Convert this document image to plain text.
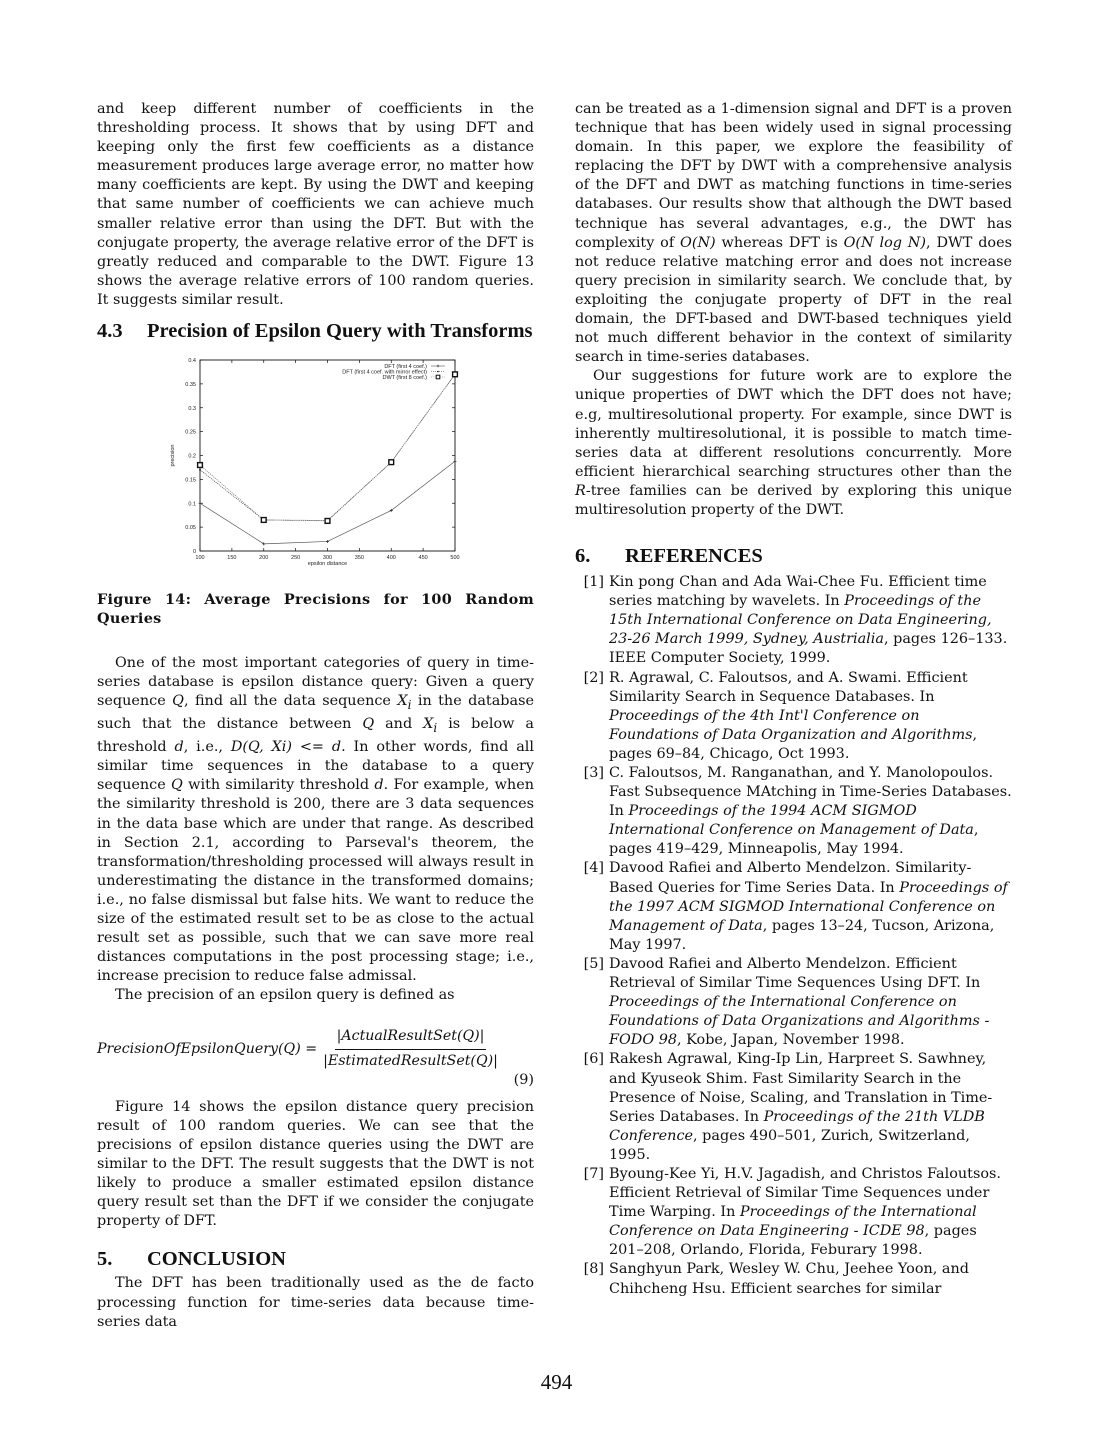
and keep different number of coefficients in the thresholding process. It shows that by using DFT and keeping only the first few coefficients as a distance measurement produces large average error, no matter how many coefficients are kept. By using the DWT and keeping that same number of coefficients we can achieve much smaller relative error than using the DFT. But with the conjugate property, the average relative error of the DFT is greatly reduced and comparable to the DWT. Figure 13 shows the average relative errors of 100 random queries. It suggests similar result.

4.3	Precision of Epsilon Query with Transforms
100	150	200	250	300	350	400	450	500
0
0.05
0.1
0.15
0.2
0.25
0.3
0.35
0.4
epsilon distance
precision
DFT (first 4 coef.)
DFT (first 4 coef. with mirror effect)
DWT (first 8 coef.)

Figure 14: Average Precisions for 100 Random Queries

One of the most important categories of query in time-series database is epsilon distance query: Given a query sequence Q, find all the data sequence $X_i$ in the database such that the distance between Q and $X_i$ is below a threshold d, i.e., D(Q, Xi) <= d. In other words, find all similar time sequences in the database to a query sequence Q with similarity threshold d. For example, when the similarity threshold is 200, there are 3 data sequences in the data base which are under that range. As described in Section 2.1, according to Parseval's theorem, the transformation/thresholding processed will always result in underestimating the distance in the transformed domains; i.e., no false dismissal but false hits. We want to reduce the size of the estimated result set to be as close to the actual result set as possible, such that we can save more real distances computations in the post processing stage; i.e., increase precision to reduce false admissal.

The precision of an epsilon query is defined as

PrecisionOfEpsilonQuery(Q) = $\frac{\text{|ActualResultSet(Q)|}}{\text{|EstimatedResultSet(Q)|}}$
(9)

Figure 14 shows the epsilon distance query precision result of 100 random queries. We can see that the precisions of epsilon distance queries using the DWT are similar to the DFT. The result suggests that the DWT is not likely to produce a smaller estimated epsilon distance query result set than the DFT if we consider the conjugate property of DFT.

5.	CONCLUSION

The DFT has been traditionally used as the de facto processing function for time-series data because time-series data

can be treated as a 1-dimension signal and DFT is a proven technique that has been widely used in signal processing domain. In this paper, we explore the feasibility of replacing the DFT by DWT with a comprehensive analysis of the DFT and DWT as matching functions in time-series databases. Our results show that although the DWT based technique has several advantages, e.g., the DWT has complexity of O(N) whereas DFT is O(N log N), DWT does not reduce relative matching error and does not increase query precision in similarity search. We conclude that, by exploiting the conjugate property of DFT in the real domain, the DFT-based and DWT-based techniques yield not much different behavior in the context of similarity search in time-series databases.

Our suggestions for future work are to explore the unique properties of DWT which the DFT does not have; e.g, multiresolutional property. For example, since DWT is inherently multiresolutional, it is possible to match time-series data at different resolutions concurrently. More efficient hierarchical searching structures other than the R-tree families can be derived by exploring this unique multiresolution property of the DWT.

6.	REFERENCES
[1] Kin pong Chan and Ada Wai-Chee Fu. Efficient time series matching by wavelets. In Proceedings of the 15th International Conference on Data Engineering, 23-26 March 1999, Sydney, Austrialia, pages 126–133. IEEE Computer Society, 1999.
[2] R. Agrawal, C. Faloutsos, and A. Swami. Efficient Similarity Search in Sequence Databases. In Proceedings of the 4th Int'l Conference on Foundations of Data Organization and Algorithms, pages 69–84, Chicago, Oct 1993.
[3] C. Faloutsos, M. Ranganathan, and Y. Manolopoulos. Fast Subsequence MAtching in Time-Series Databases. In Proceedings of the 1994 ACM SIGMOD International Conference on Management of Data, pages 419–429, Minneapolis, May 1994.
[4] Davood Rafiei and Alberto Mendelzon. Similarity-Based Queries for Time Series Data. In Proceedings of the 1997 ACM SIGMOD International Conference on Management of Data, pages 13–24, Tucson, Arizona, May 1997.
[5] Davood Rafiei and Alberto Mendelzon. Efficient Retrieval of Similar Time Sequences Using DFT. In Proceedings of the International Conference on Foundations of Data Organizations and Algorithms - FODO 98, Kobe, Japan, November 1998.
[6] Rakesh Agrawal, King-Ip Lin, Harpreet S. Sawhney, and Kyuseok Shim. Fast Similarity Search in the Presence of Noise, Scaling, and Translation in Time-Series Databases. In Proceedings of the 21th VLDB Conference, pages 490–501, Zurich, Switzerland, 1995.
[7] Byoung-Kee Yi, H.V. Jagadish, and Christos Faloutsos. Efficient Retrieval of Similar Time Sequences under Time Warping. In Proceedings of the International Conference on Data Engineering - ICDE 98, pages 201–208, Orlando, Florida, Feburary 1998.
[8] Sanghyun Park, Wesley W. Chu, Jeehee Yoon, and Chihcheng Hsu. Efficient searches for similar
494
